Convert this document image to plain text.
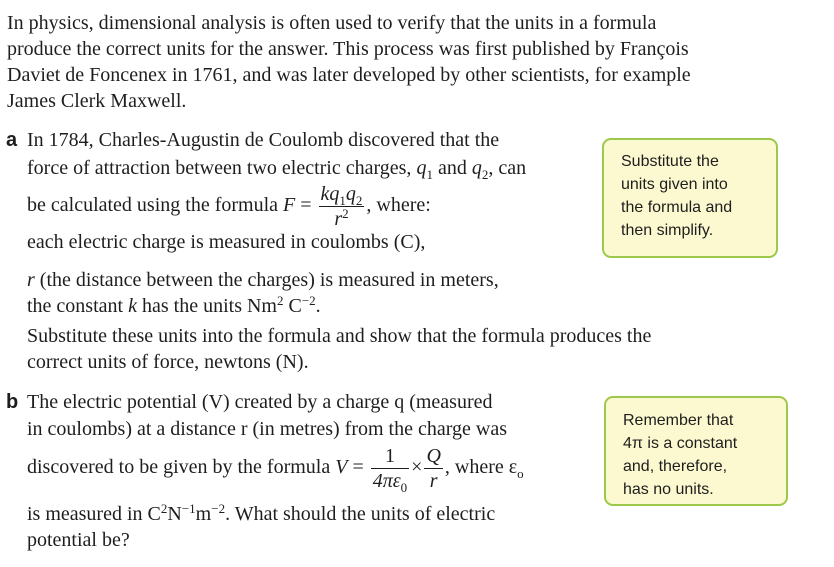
In physics, dimensional analysis is often used to verify that the units in a formula
produce the correct units for the answer. This process was first published by François
Daviet de Foncenex in 1761, and was later developed by other scientists, for example
James Clerk Maxwell.
a In 1784, Charles-Augustin de Coulomb discovered that the
force of attraction between two electric charges, $q_1$ and $q_2$, can
be calculated using the formula $F = \frac{kq_1q_2}{r^2}$ , where:
each electric charge is measured in coulombs (C),
r (the distance between the charges) is measured in meters,
the constant k has the units Nm$^2$ $C^{-2}$.
Substitute these units into the formula and show that the formula produces the
correct units of force, newtons (N).
Substitute the
units given into
the formula and
then simplify.
b The electric potential (V) created by a charge q (measured
in coulombs) at a distance r (in metres) from the charge was
discovered to be given by the formula $V = \frac{1}{4\pi\varepsilon_0} \times \frac{Q}{r}$ , where $\varepsilon_o$
is measured in $C^2N^{-1}m^{-2}$. What should the units of electric
potential be?
Remember that
4π is a constant
and, therefore,
has no units.
